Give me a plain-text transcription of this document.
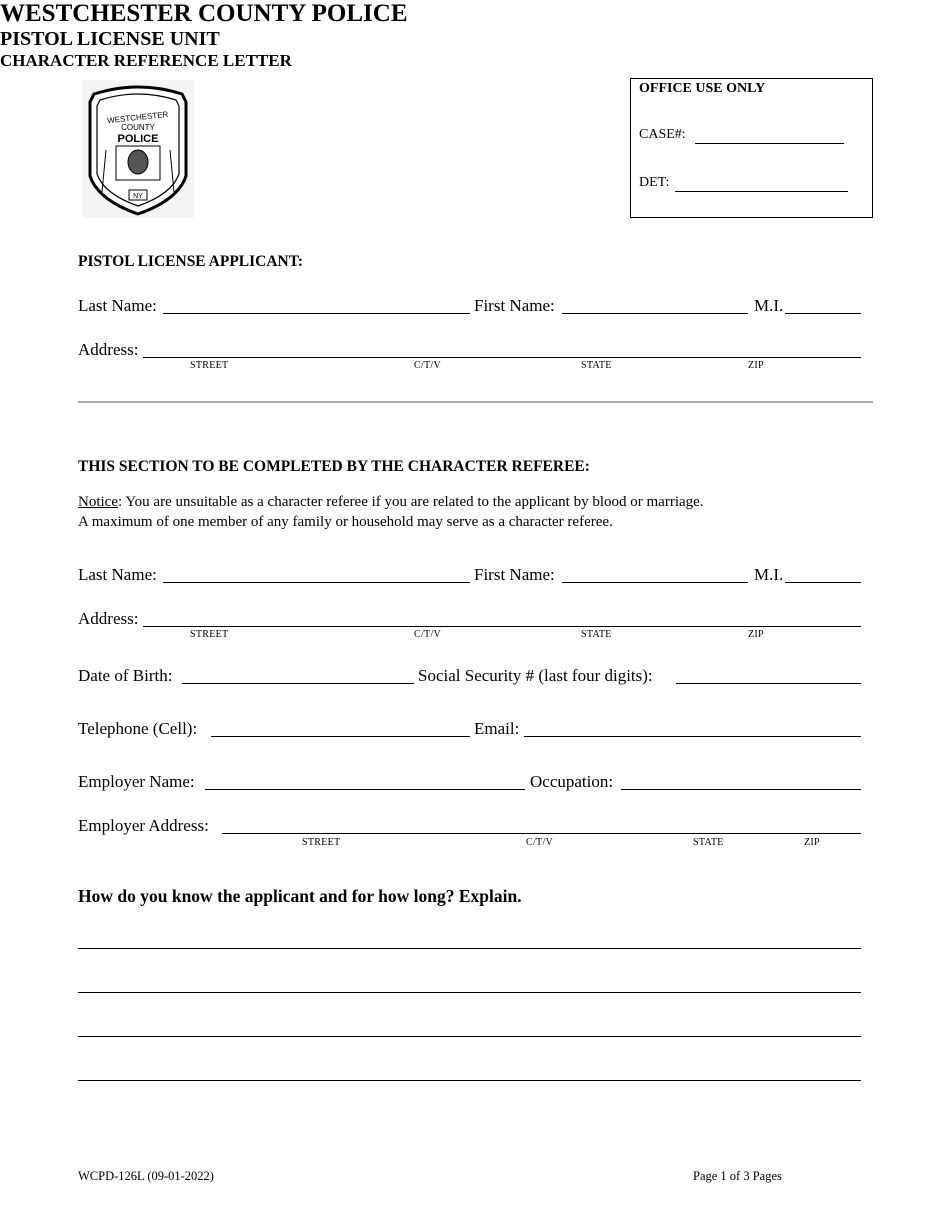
WESTCHESTER
COUNTY
POLICE
NY
WESTCHESTER COUNTY POLICE
PISTOL LICENSE UNIT
CHARACTER REFERENCE LETTER
OFFICE USE ONLY
CASE#:
DET:
PISTOL LICENSE APPLICANT:
Last Name:	First Name:	M.I.
Address:
STREET	C/T/V	STATE	ZIP
THIS SECTION TO BE COMPLETED BY THE CHARACTER REFEREE:
Notice: You are unsuitable as a character referee if you are related to the applicant by blood or marriage.
A maximum of one member of any family or household may serve as a character referee.
Last Name:	First Name:	M.I.
Address:
STREET	C/T/V	STATE	ZIP
Date of Birth:	Social Security # (last four digits):
Telephone (Cell):	Email:
Employer Name:	Occupation:
Employer Address:
STREET	C/T/V	STATE	ZIP
How do you know the applicant and for how long? Explain.
WCPD-126L (09-01-2022)	Page 1 of 3 Pages
